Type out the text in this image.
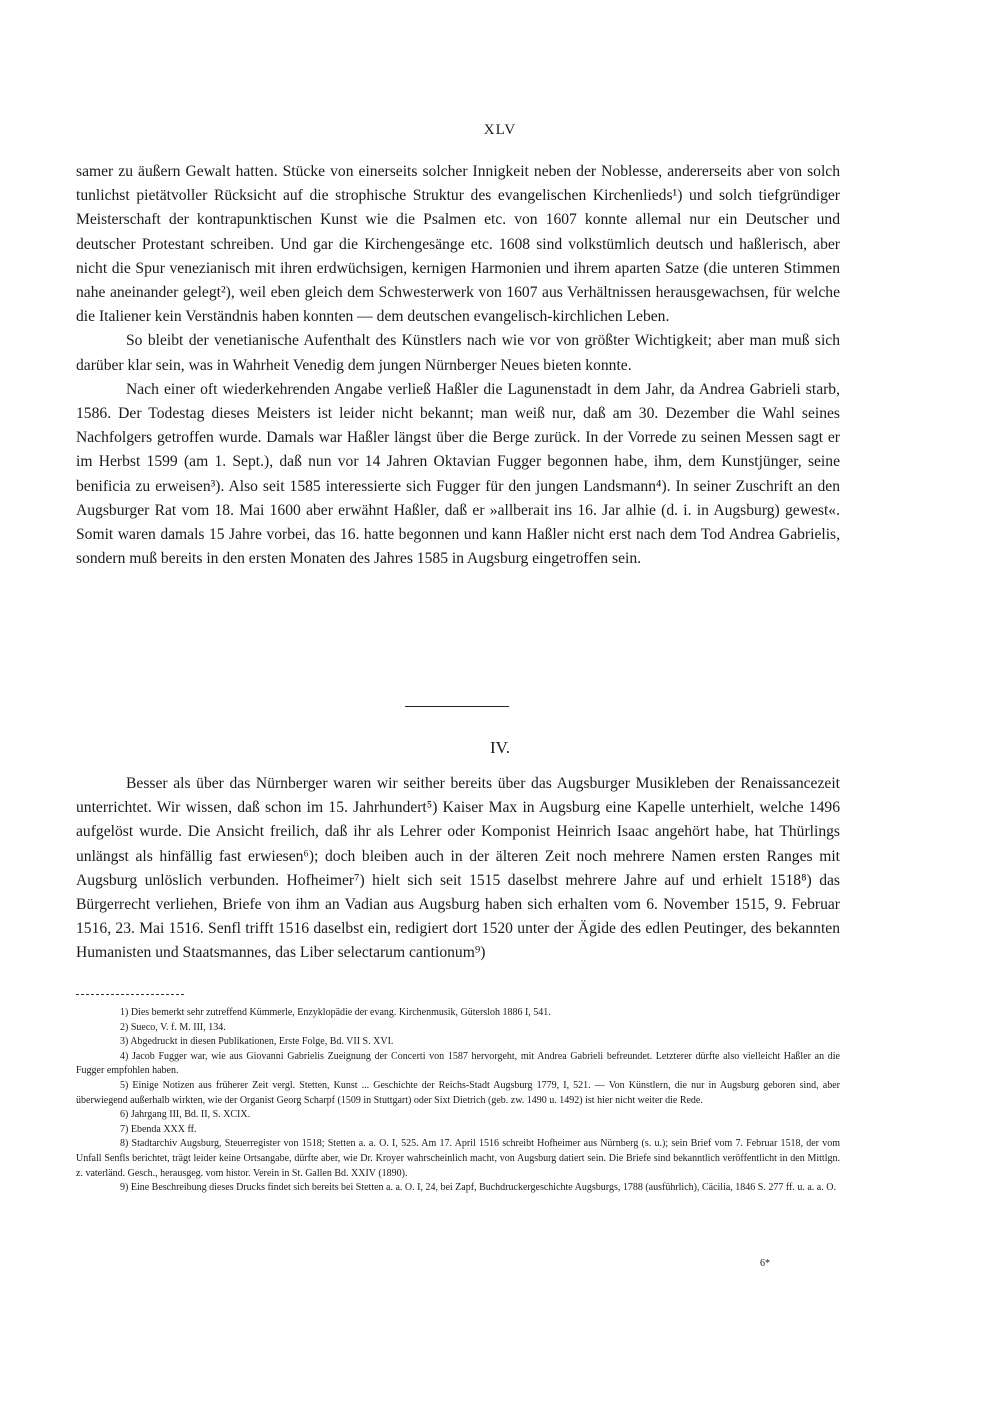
XLV

samer zu äußern Gewalt hatten. Stücke von einerseits solcher Innigkeit neben der Noblesse, andererseits aber von solch tunlichst pietätvoller Rücksicht auf die strophische Struktur des evangelischen Kirchenlieds¹) und solch tiefgründiger Meisterschaft der kontrapunktischen Kunst wie die Psalmen etc. von 1607 konnte allemal nur ein Deutscher und deutscher Protestant schreiben. Und gar die Kirchengesänge etc. 1608 sind volkstümlich deutsch und haßlerisch, aber nicht die Spur venezianisch mit ihren erdwüchsigen, kernigen Harmonien und ihrem aparten Satze (die unteren Stimmen nahe aneinander gelegt²), weil eben gleich dem Schwesterwerk von 1607 aus Verhältnissen herausgewachsen, für welche die Italiener kein Verständnis haben konnten — dem deutschen evangelisch-kirchlichen Leben.

So bleibt der venetianische Aufenthalt des Künstlers nach wie vor von größter Wichtigkeit; aber man muß sich darüber klar sein, was in Wahrheit Venedig dem jungen Nürnberger Neues bieten konnte.

Nach einer oft wiederkehrenden Angabe verließ Haßler die Lagunenstadt in dem Jahr, da Andrea Gabrieli starb, 1586. Der Todestag dieses Meisters ist leider nicht bekannt; man weiß nur, daß am 30. Dezember die Wahl seines Nachfolgers getroffen wurde. Damals war Haßler längst über die Berge zurück. In der Vorrede zu seinen Messen sagt er im Herbst 1599 (am 1. Sept.), daß nun vor 14 Jahren Oktavian Fugger begonnen habe, ihm, dem Kunstjünger, seine benificia zu erweisen³). Also seit 1585 interessierte sich Fugger für den jungen Landsmann⁴). In seiner Zuschrift an den Augsburger Rat vom 18. Mai 1600 aber erwähnt Haßler, daß er »allberait ins 16. Jar alhie (d. i. in Augsburg) gewest«. Somit waren damals 15 Jahre vorbei, das 16. hatte begonnen und kann Haßler nicht erst nach dem Tod Andrea Gabrielis, sondern muß bereits in den ersten Monaten des Jahres 1585 in Augsburg eingetroffen sein.

IV.

Besser als über das Nürnberger waren wir seither bereits über das Augsburger Musikleben der Renaissancezeit unterrichtet. Wir wissen, daß schon im 15. Jahrhundert⁵) Kaiser Max in Augsburg eine Kapelle unterhielt, welche 1496 aufgelöst wurde. Die Ansicht freilich, daß ihr als Lehrer oder Komponist Heinrich Isaac angehört habe, hat Thürlings unlängst als hinfällig fast erwiesen⁶); doch bleiben auch in der älteren Zeit noch mehrere Namen ersten Ranges mit Augsburg unlöslich verbunden. Hofheimer⁷) hielt sich seit 1515 daselbst mehrere Jahre auf und erhielt 1518⁸) das Bürgerrecht verliehen, Briefe von ihm an Vadian aus Augsburg haben sich erhalten vom 6. November 1515, 9. Februar 1516, 23. Mai 1516. Senfl trifft 1516 daselbst ein, redigiert dort 1520 unter der Ägide des edlen Peutinger, des bekannten Humanisten und Staatsmannes, das Liber selectarum cantionum⁹)

1) Dies bemerkt sehr zutreffend Kümmerle, Enzyklopädie der evang. Kirchenmusik, Gütersloh 1886 I, 541.

2) Sueco, V. f. M. III, 134.

3) Abgedruckt in diesen Publikationen, Erste Folge, Bd. VII S. XVI.

4) Jacob Fugger war, wie aus Giovanni Gabrielis Zueignung der Concerti von 1587 hervorgeht, mit Andrea Gabrieli befreundet. Letzterer dürfte also vielleicht Haßler an die Fugger empfohlen haben.

5) Einige Notizen aus früherer Zeit vergl. Stetten, Kunst ... Geschichte der Reichs-Stadt Augsburg 1779, I, 521. — Von Künstlern, die nur in Augsburg geboren sind, aber überwiegend außerhalb wirkten, wie der Organist Georg Scharpf (1509 in Stuttgart) oder Sixt Dietrich (geb. zw. 1490 u. 1492) ist hier nicht weiter die Rede.

6) Jahrgang III, Bd. II, S. XCIX.

7) Ebenda XXX ff.

8) Stadtarchiv Augsburg, Steuerregister von 1518; Stetten a. a. O. I, 525. Am 17. April 1516 schreibt Hofheimer aus Nürnberg (s. u.); sein Brief vom 7. Februar 1518, der vom Unfall Senfls berichtet, trägt leider keine Ortsangabe, dürfte aber, wie Dr. Kroyer wahrscheinlich macht, von Augsburg datiert sein. Die Briefe sind bekanntlich veröffentlicht in den Mittlgn. z. vaterländ. Gesch., herausgeg. vom histor. Verein in St. Gallen Bd. XXIV (1890).

9) Eine Beschreibung dieses Drucks findet sich bereits bei Stetten a. a. O. I, 24, bei Zapf, Buchdruckergeschichte Augsburgs, 1788 (ausführlich), Cäcilia, 1846 S. 277 ff. u. a. a. O.

6*
